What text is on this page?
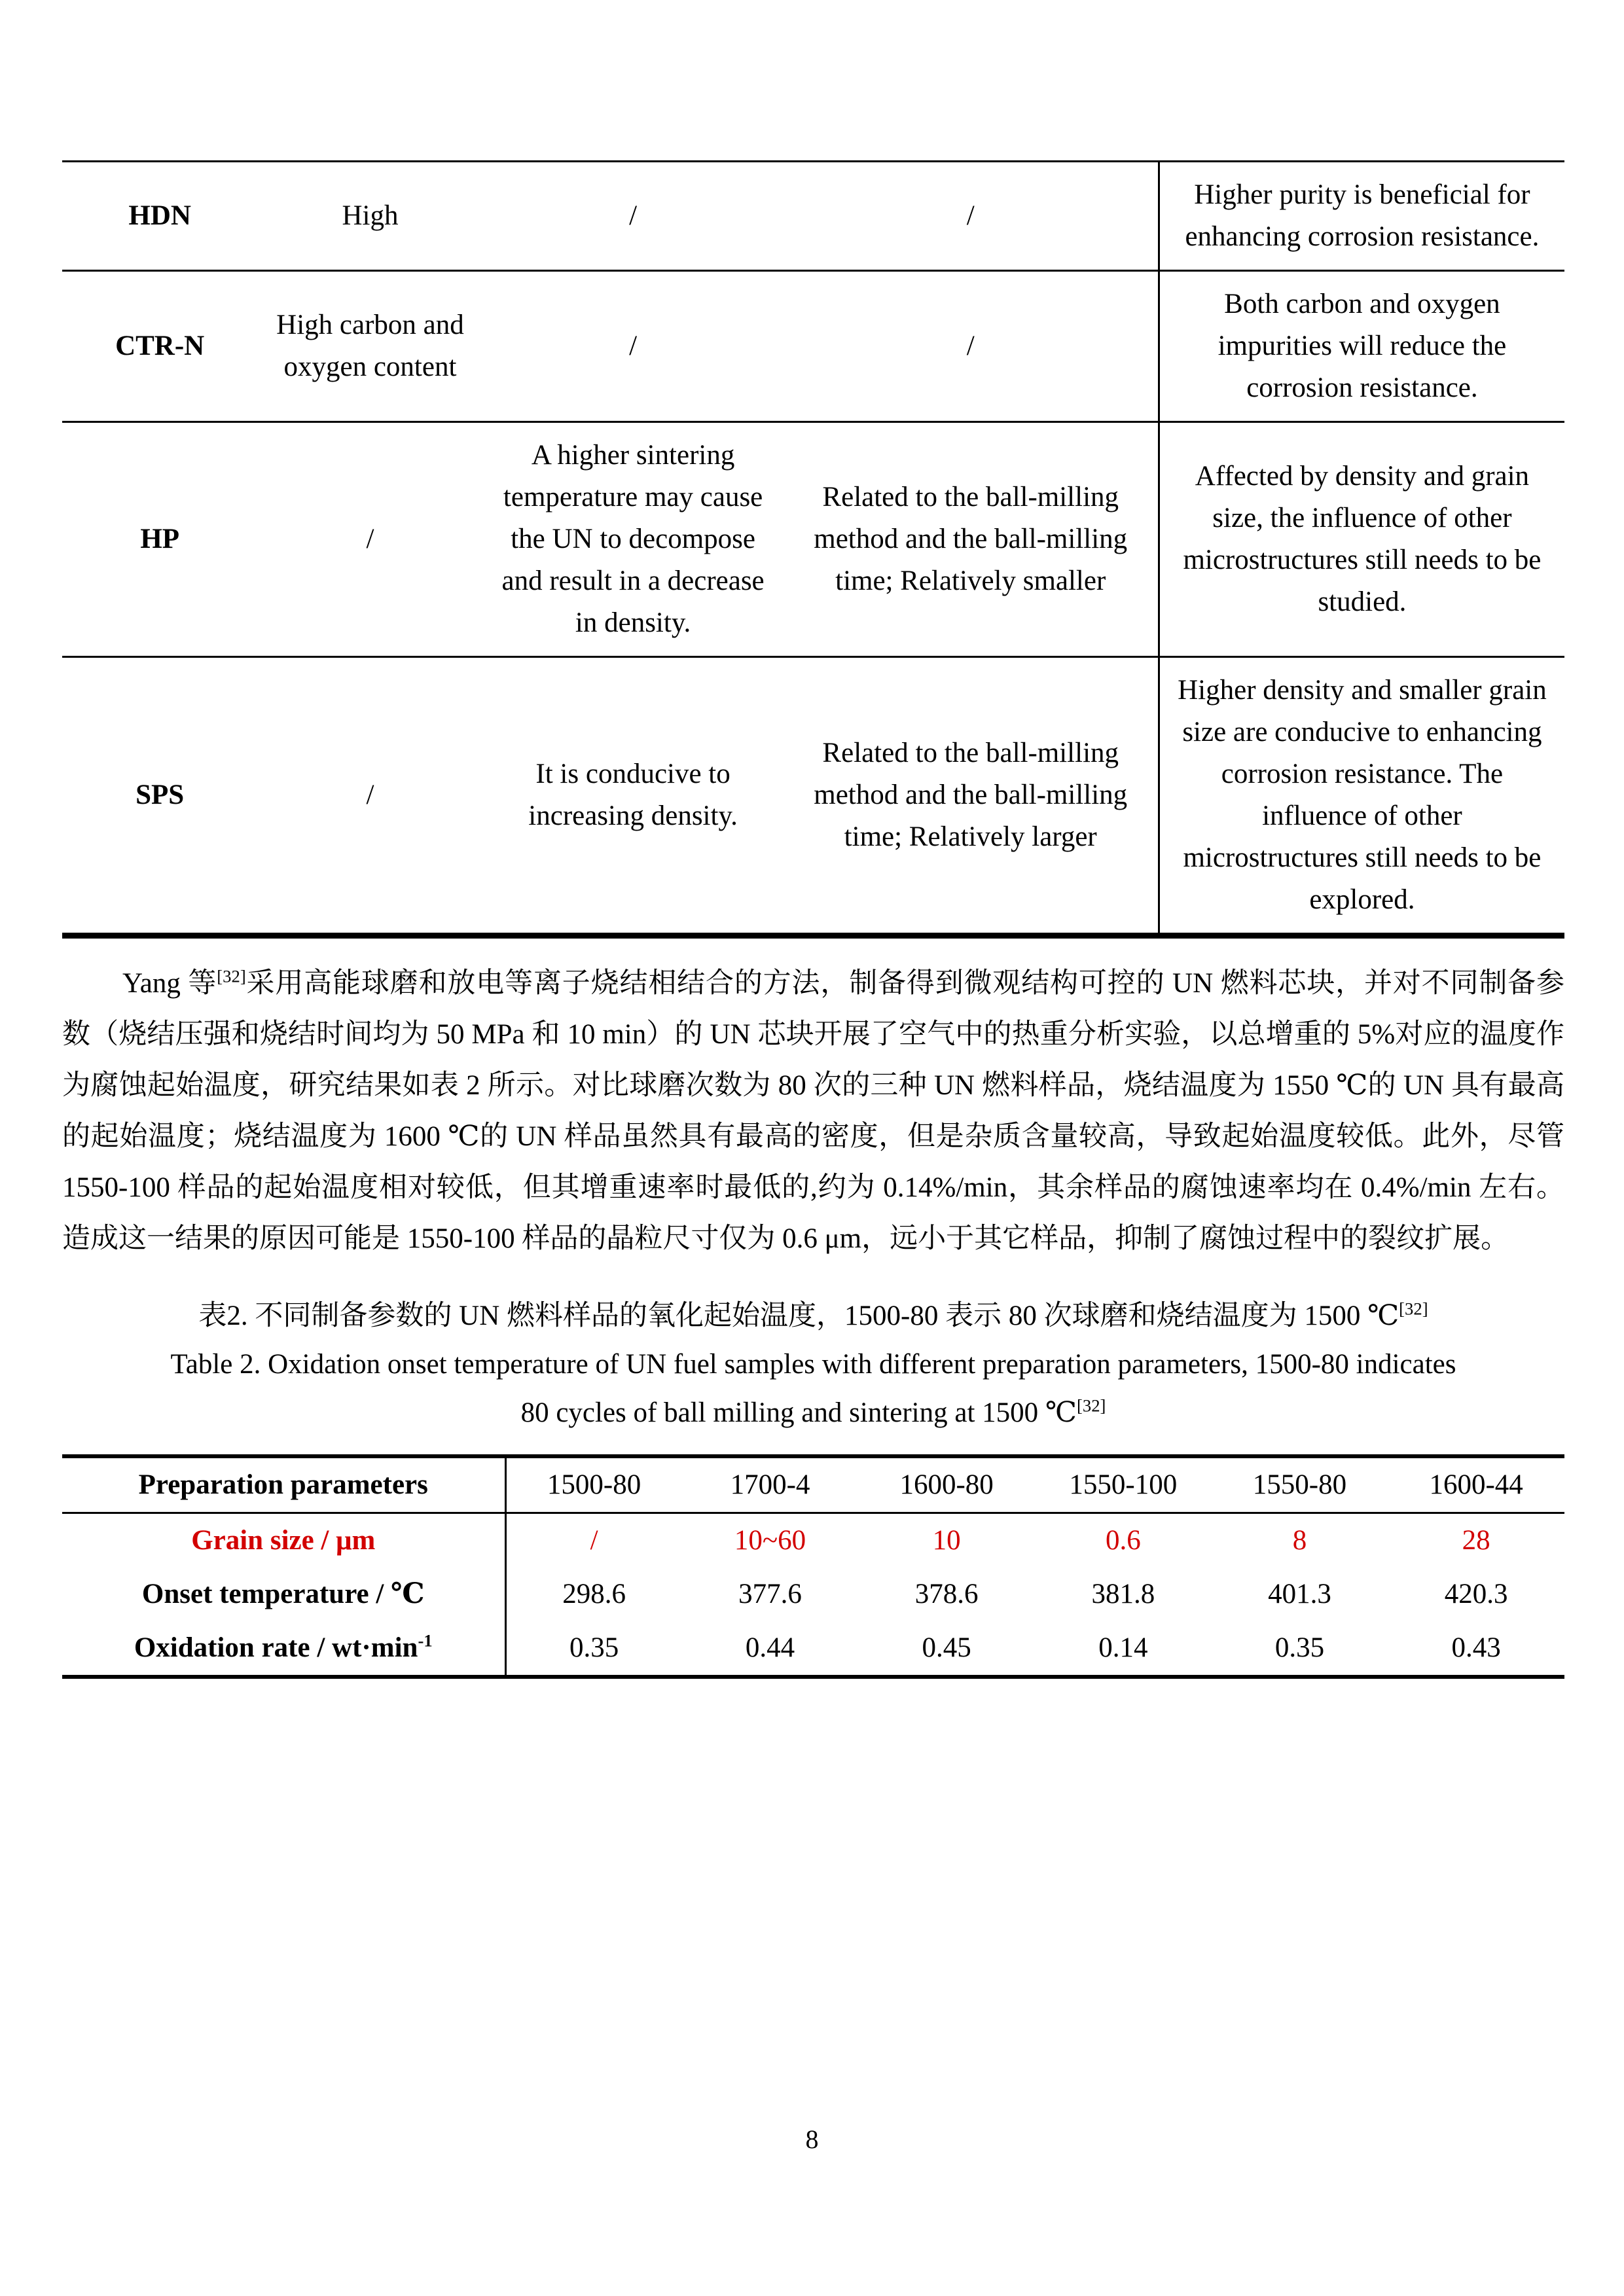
HDN	High	/	/	Higher purity is beneficial for enhancing corrosion resistance.
CTR-N	High carbon and oxygen content	/	/	Both carbon and oxygen impurities will reduce the corrosion resistance.
HP	/	A higher sintering temperature may cause the UN to decompose and result in a decrease in density.	Related to the ball-milling method and the ball-milling time; Relatively smaller	Affected by density and grain size, the influence of other microstructures still needs to be studied.
SPS	/	It is conducive to increasing density.	Related to the ball-milling method and the ball-milling time; Relatively larger	Higher density and smaller grain size are conducive to enhancing corrosion resistance. The influence of other microstructures still needs to be explored.

Yang 等[32]采用高能球磨和放电等离子烧结相结合的方法，制备得到微观结构可控的 UN 燃料芯块，并对不同制备参数（烧结压强和烧结时间均为 50 MPa 和 10 min）的 UN 芯块开展了空气中的热重分析实验，以总增重的 5%对应的温度作为腐蚀起始温度，研究结果如表 2 所示。对比球磨次数为 80 次的三种 UN 燃料样品，烧结温度为 1550 ℃的 UN 具有最高的起始温度；烧结温度为 1600 ℃的 UN 样品虽然具有最高的密度，但是杂质含量较高，导致起始温度较低。此外，尽管 1550-100 样品的起始温度相对较低，但其增重速率时最低的,约为 0.14%/min，其余样品的腐蚀速率均在 0.4%/min 左右。造成这一结果的原因可能是 1550-100 样品的晶粒尺寸仅为 0.6 μm，远小于其它样品，抑制了腐蚀过程中的裂纹扩展。

表2. 不同制备参数的 UN 燃料样品的氧化起始温度，1500-80 表示 80 次球磨和烧结温度为 1500 ℃[32]

Table 2. Oxidation onset temperature of UN fuel samples with different preparation parameters, 1500-80 indicates

80 cycles of ball milling and sintering at 1500 ℃[32]

Preparation parameters	1500-80	1700-4	1600-80	1550-100	1550-80	1600-44
Grain size / μm	/	10~60	10	0.6	8	28
Onset temperature / ℃	298.6	377.6	378.6	381.8	401.3	420.3
Oxidation rate / $wt\cdot\min^{-1}$	0.35	0.44	0.45	0.14	0.35	0.43
8
